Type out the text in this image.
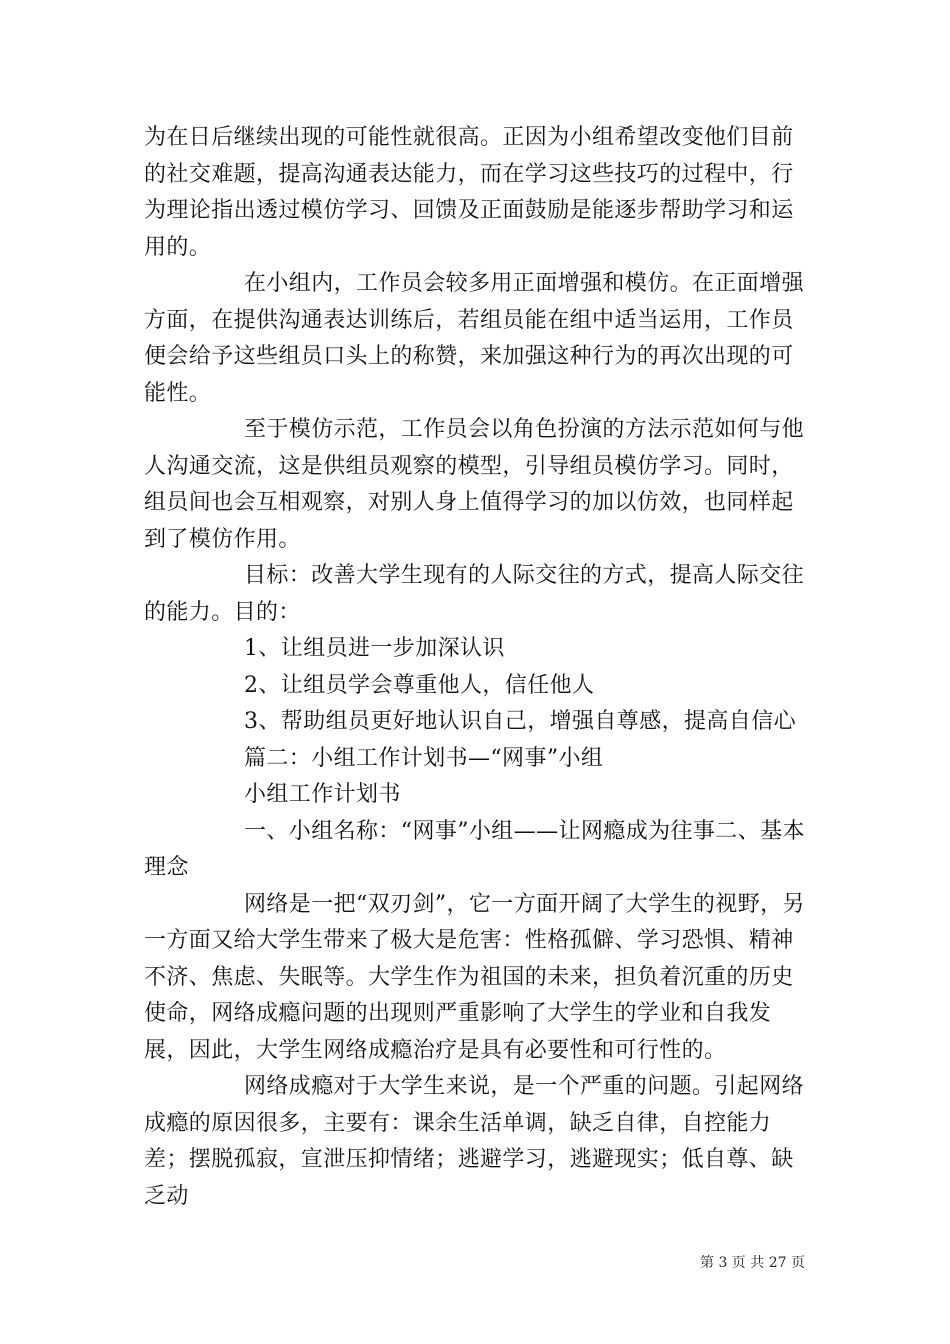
为在日后继续出现的可能性就很高。正因为小组希望改变他们目前的社交难题，提高沟通表达能力，而在学习这些技巧的过程中，行为理论指出透过模仿学习、回馈及正面鼓励是能逐步帮助学习和运用的。

在小组内，工作员会较多用正面增强和模仿。在正面增强方面，在提供沟通表达训练后，若组员能在组中适当运用，工作员便会给予这些组员口头上的称赞，来加强这种行为的再次出现的可能性。

至于模仿示范，工作员会以角色扮演的方法示范如何与他人沟通交流，这是供组员观察的模型，引导组员模仿学习。同时，组员间也会互相观察，对别人身上值得学习的加以仿效，也同样起到了模仿作用。

目标：改善大学生现有的人际交往的方式，提高人际交往的能力。目的：

1、让组员进一步加深认识

2、让组员学会尊重他人，信任他人

3、帮助组员更好地认识自己，增强自尊感，提高自信心

篇二：小组工作计划书—“网事”小组

小组工作计划书

一、小组名称：“网事”小组——让网瘾成为往事二、基本理念

网络是一把“双刃剑”，它一方面开阔了大学生的视野，另一方面又给大学生带来了极大是危害：性格孤僻、学习恐惧、精神不济、焦虑、失眠等。大学生作为祖国的未来，担负着沉重的历史使命，网络成瘾问题的出现则严重影响了大学生的学业和自我发展，因此，大学生网络成瘾治疗是具有必要性和可行性的。

网络成瘾对于大学生来说，是一个严重的问题。引起网络成瘾的原因很多，主要有：课余生活单调，缺乏自律，自控能力差；摆脱孤寂，宣泄压抑情绪；逃避学习，逃避现实；低自尊、缺乏动

第 3 页 共 27 页
